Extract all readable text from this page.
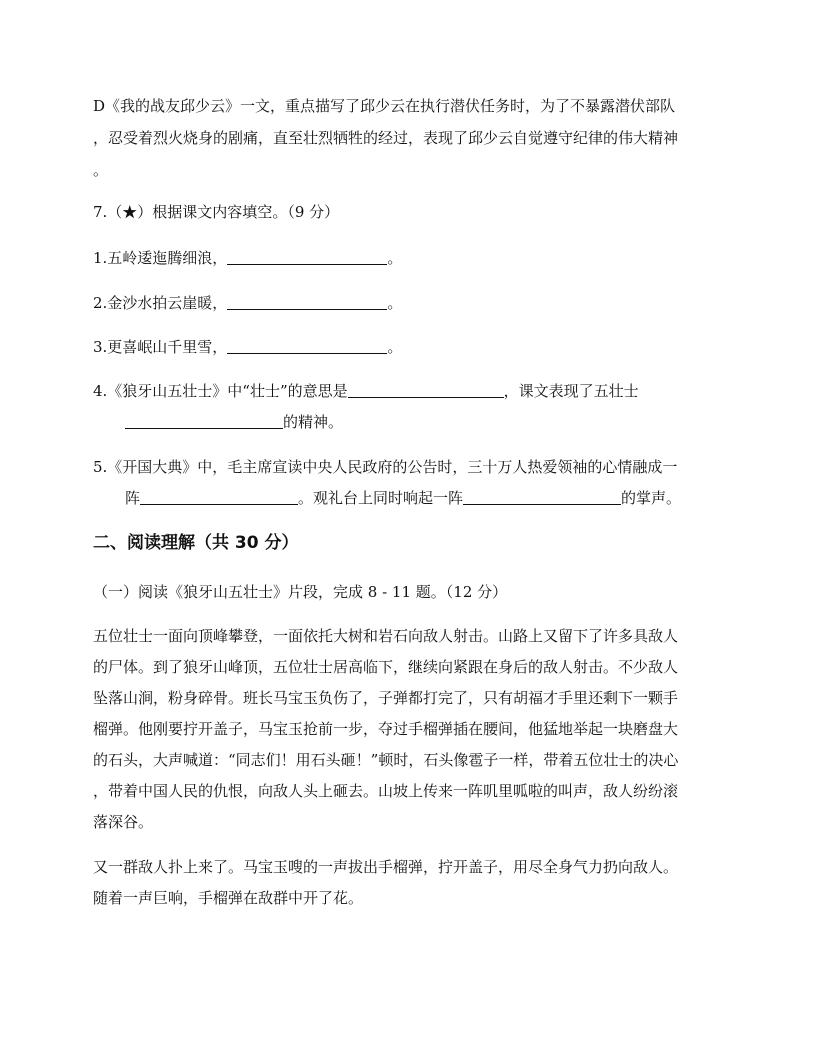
D《我的战友邱少云》一文，重点描写了邱少云在执行潜伏任务时，为了不暴露潜伏部队
，忍受着烈火烧身的剧痛，直至壮烈牺牲的经过，表现了邱少云自觉遵守纪律的伟大精神
。
7.（★）根据课文内容填空。（9 分）
1.五岭逶迤腾细浪，	。
2.金沙水拍云崖暖，	。
3.更喜岷山千里雪，	。
4.《狼牙山五壮士》中“壮士”的意思是	，课文表现了五壮士
的精神。
5.《开国大典》中，毛主席宣读中央人民政府的公告时，三十万人热爱领袖的心情融成一
阵	。观礼台上同时响起一阵	的掌声。
二、阅读理解（共 30 分）
（一）阅读《狼牙山五壮士》片段，完成 8 - 11 题。（12 分）
五位壮士一面向顶峰攀登，一面依托大树和岩石向敌人射击。山路上又留下了许多具敌人
的尸体。到了狼牙山峰顶，五位壮士居高临下，继续向紧跟在身后的敌人射击。不少敌人
坠落山涧，粉身碎骨。班长马宝玉负伤了，子弹都打完了，只有胡福才手里还剩下一颗手
榴弹。他刚要拧开盖子，马宝玉抢前一步，夺过手榴弹插在腰间，他猛地举起一块磨盘大
的石头，大声喊道：“同志们！用石头砸！”顿时，石头像雹子一样，带着五位壮士的决心
，带着中国人民的仇恨，向敌人头上砸去。山坡上传来一阵叽里呱啦的叫声，敌人纷纷滚
落深谷。
又一群敌人扑上来了。马宝玉嗖的一声拔出手榴弹，拧开盖子，用尽全身气力扔向敌人。
随着一声巨响，手榴弹在敌群中开了花。
